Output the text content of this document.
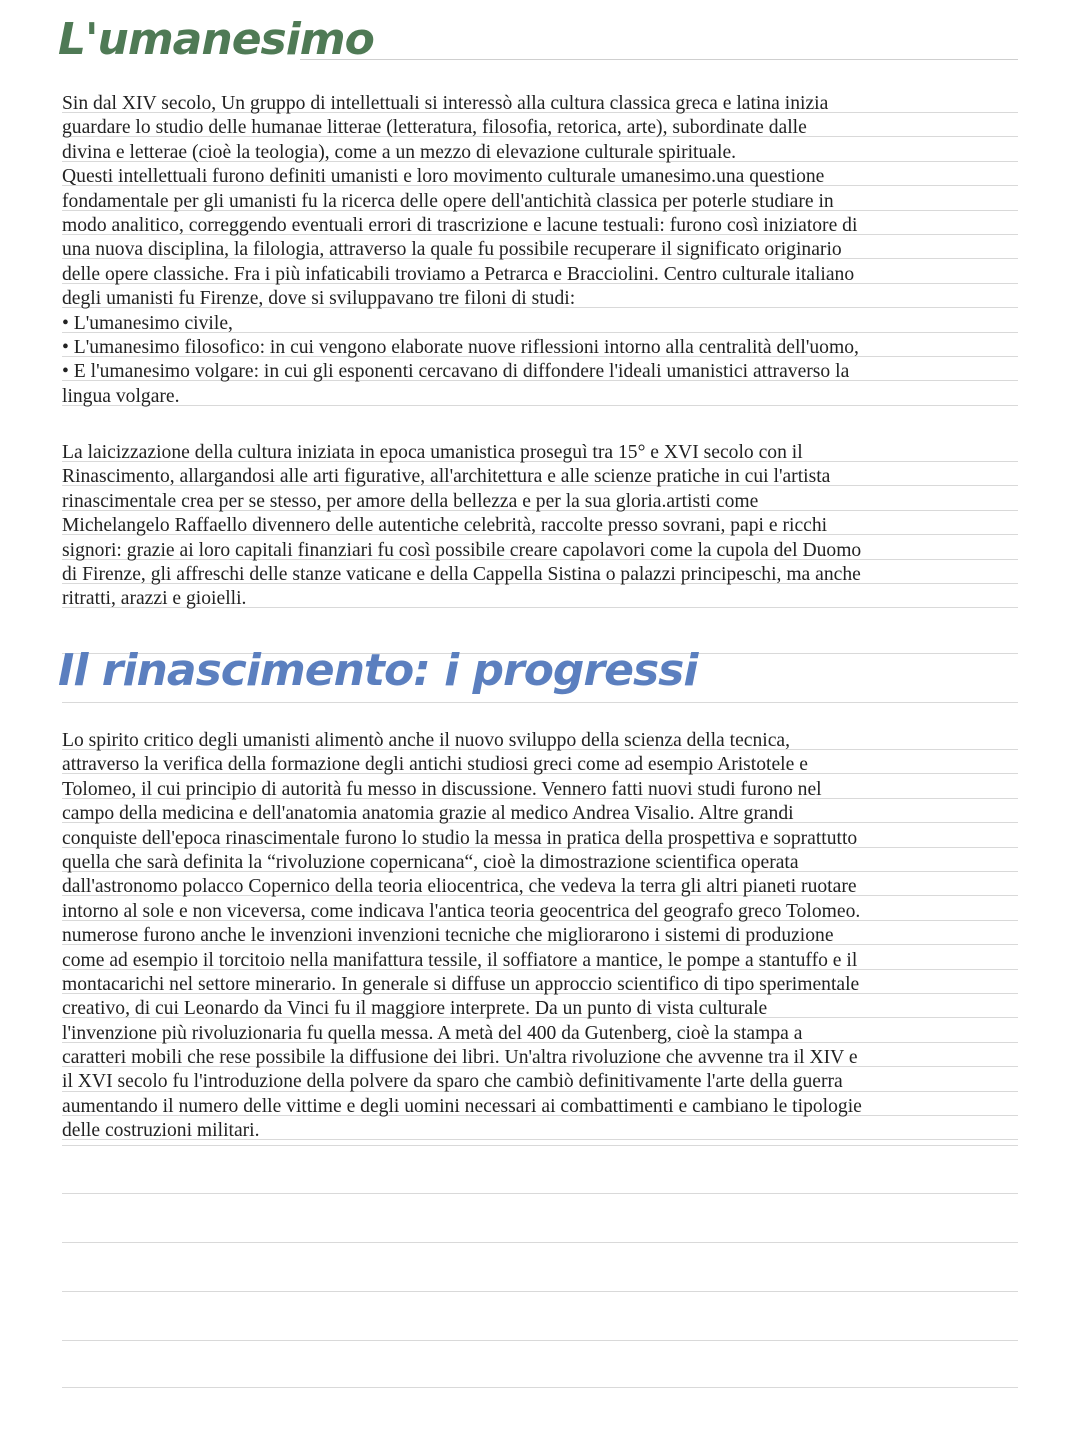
L'umanesimo
Sin dal XIV secolo, Un gruppo di intellettuali si interessò alla cultura classica greca e latina inizia
guardare lo studio delle humanae litterae (letteratura, filosofia, retorica, arte), subordinate dalle
divina e letterae (cioè la teologia), come a un mezzo di elevazione culturale spirituale.
Questi intellettuali furono definiti umanisti e loro movimento culturale umanesimo.una questione
fondamentale per gli umanisti fu la ricerca delle opere dell'antichità classica per poterle studiare in
modo analitico, correggendo eventuali errori di trascrizione e lacune testuali: furono così iniziatore di
una nuova disciplina, la filologia, attraverso la quale fu possibile recuperare il significato originario
delle opere classiche. Fra i più infaticabili troviamo a Petrarca e Bracciolini. Centro culturale italiano
degli umanisti fu Firenze, dove si sviluppavano tre filoni di studi:
• L'umanesimo civile,
• L'umanesimo filosofico: in cui vengono elaborate nuove riflessioni intorno alla centralità dell'uomo,
• E l'umanesimo volgare: in cui gli esponenti cercavano di diffondere l'ideali umanistici attraverso la
lingua volgare.
La laicizzazione della cultura iniziata in epoca umanistica proseguì tra 15° e XVI secolo con il
Rinascimento, allargandosi alle arti figurative, all'architettura e alle scienze pratiche in cui l'artista
rinascimentale crea per se stesso, per amore della bellezza e per la sua gloria.artisti come
Michelangelo Raffaello divennero delle autentiche celebrità, raccolte presso sovrani, papi e ricchi
signori: grazie ai loro capitali finanziari fu così possibile creare capolavori come la cupola del Duomo
di Firenze, gli affreschi delle stanze vaticane e della Cappella Sistina o palazzi principeschi, ma anche
ritratti, arazzi e gioielli.
Il rinascimento: i progressi
Lo spirito critico degli umanisti alimentò anche il nuovo sviluppo della scienza della tecnica,
attraverso la verifica della formazione degli antichi studiosi greci come ad esempio Aristotele e
Tolomeo, il cui principio di autorità fu messo in discussione. Vennero fatti nuovi studi furono nel
campo della medicina e dell'anatomia anatomia grazie al medico Andrea Visalio. Altre grandi
conquiste dell'epoca rinascimentale furono lo studio la messa in pratica della prospettiva e soprattutto
quella che sarà definita la “rivoluzione copernicana“, cioè la dimostrazione scientifica operata
dall'astronomo polacco Copernico della teoria eliocentrica, che vedeva la terra gli altri pianeti ruotare
intorno al sole e non viceversa, come indicava l'antica teoria geocentrica del geografo greco Tolomeo.
numerose furono anche le invenzioni invenzioni tecniche che migliorarono i sistemi di produzione
come ad esempio il torcitoio nella manifattura tessile, il soffiatore a mantice, le pompe a stantuffo e il
montacarichi nel settore minerario. In generale si diffuse un approccio scientifico di tipo sperimentale
creativo, di cui Leonardo da Vinci fu il maggiore interprete. Da un punto di vista culturale
l'invenzione più rivoluzionaria fu quella messa. A metà del 400 da Gutenberg, cioè la stampa a
caratteri mobili che rese possibile la diffusione dei libri. Un'altra rivoluzione che avvenne tra il XIV e
il XVI secolo fu l'introduzione della polvere da sparo che cambiò definitivamente l'arte della guerra
aumentando il numero delle vittime e degli uomini necessari ai combattimenti e cambiano le tipologie
delle costruzioni militari.
